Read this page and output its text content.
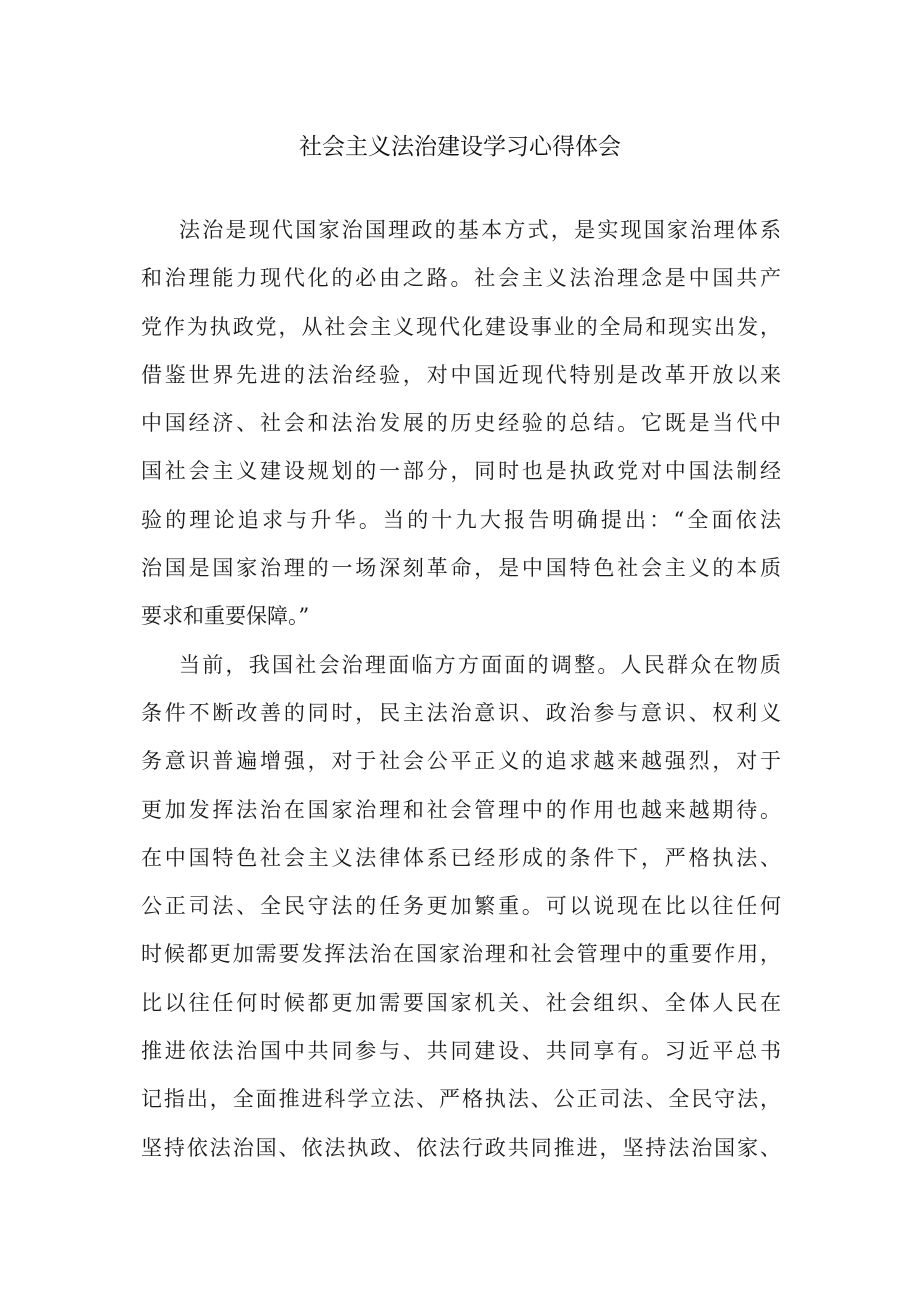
社会主义法治建设学习心得体会
法治是现代国家治国理政的基本方式，是实现国家治理体系
和治理能力现代化的必由之路。社会主义法治理念是中国共产
党作为执政党，从社会主义现代化建设事业的全局和现实出发，
借鉴世界先进的法治经验，对中国近现代特别是改革开放以来
中国经济、社会和法治发展的历史经验的总结。它既是当代中
国社会主义建设规划的一部分，同时也是执政党对中国法制经
验的理论追求与升华。当的十九大报告明确提出：“全面依法
治国是国家治理的一场深刻革命，是中国特色社会主义的本质
要求和重要保障。”
当前，我国社会治理面临方方面面的调整。人民群众在物质
条件不断改善的同时，民主法治意识、政治参与意识、权利义
务意识普遍增强，对于社会公平正义的追求越来越强烈，对于
更加发挥法治在国家治理和社会管理中的作用也越来越期待。
在中国特色社会主义法律体系已经形成的条件下，严格执法、
公正司法、全民守法的任务更加繁重。可以说现在比以往任何
时候都更加需要发挥法治在国家治理和社会管理中的重要作用，
比以往任何时候都更加需要国家机关、社会组织、全体人民在
推进依法治国中共同参与、共同建设、共同享有。习近平总书
记指出，全面推进科学立法、严格执法、公正司法、全民守法，
坚持依法治国、依法执政、依法行政共同推进，坚持法治国家、
